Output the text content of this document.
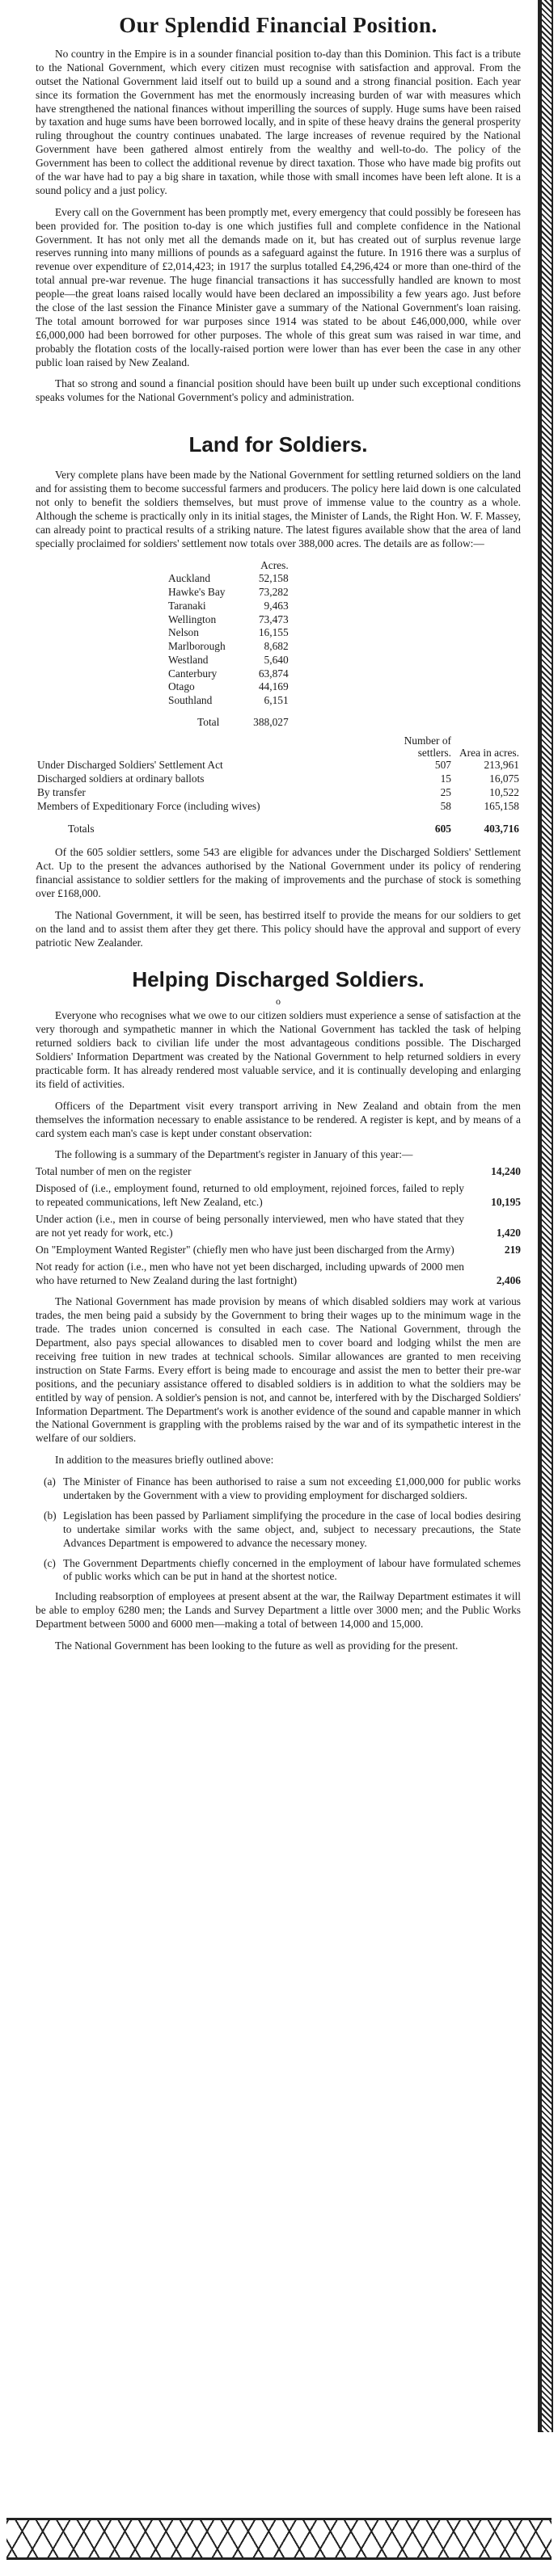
Our Splendid Financial Position.

No country in the Empire is in a sounder financial position to-day than this Dominion. This fact is a tribute to the National Government, which every citizen must recognise with satisfaction and approval. From the outset the National Government laid itself out to build up a sound and a strong financial position. Each year since its formation the Government has met the enormously increasing burden of war with measures which have strengthened the national finances without imperilling the sources of supply. Huge sums have been raised by taxation and huge sums have been borrowed locally, and in spite of these heavy drains the general prosperity ruling throughout the country continues unabated. The large increases of revenue required by the National Government have been gathered almost entirely from the wealthy and well-to-do. The policy of the Government has been to collect the additional revenue by direct taxation. Those who have made big profits out of the war have had to pay a big share in taxation, while those with small incomes have been left alone. It is a sound policy and a just policy.

Every call on the Government has been promptly met, every emergency that could possibly be foreseen has been provided for. The position to-day is one which justifies full and complete confidence in the National Government. It has not only met all the demands made on it, but has created out of surplus revenue large reserves running into many millions of pounds as a safeguard against the future. In 1916 there was a surplus of revenue over expenditure of £2,014,423; in 1917 the surplus totalled £4,296,424 or more than one-third of the total annual pre-war revenue. The huge financial transactions it has successfully handled are known to most people—the great loans raised locally would have been declared an impossibility a few years ago. Just before the close of the last session the Finance Minister gave a summary of the National Government's loan raising. The total amount borrowed for war purposes since 1914 was stated to be about £46,000,000, while over £6,000,000 had been borrowed for other purposes. The whole of this great sum was raised in war time, and probably the flotation costs of the locally-raised portion were lower than has ever been the case in any other public loan raised by New Zealand.

That so strong and sound a financial position should have been built up under such exceptional conditions speaks volumes for the National Government's policy and administration.

Land for Soldiers.

Very complete plans have been made by the National Government for settling returned soldiers on the land and for assisting them to become successful farmers and producers. The policy here laid down is one calculated not only to benefit the soldiers themselves, but must prove of immense value to the country as a whole. Although the scheme is practically only in its initial stages, the Minister of Lands, the Right Hon. W. F. Massey, can already point to practical results of a striking nature. The latest figures available show that the area of land specially proclaimed for soldiers' settlement now totals over 388,000 acres. The details are as follow:—

	Acres.
Auckland	52,158
Hawke's Bay	73,282
Taranaki	9,463
Wellington	73,473
Nelson	16,155
Marlborough	8,682
Westland	5,640
Canterbury	63,874
Otago	44,169
Southland	6,151
Total	388,027
	Number of settlers.	Area in acres.
Under Discharged Soldiers' Settlement Act	507	213,961
Discharged soldiers at ordinary ballots	15	16,075
By transfer	25	10,522
Members of Expeditionary Force (including wives)	58	165,158
Totals	605	403,716

Of the 605 soldier settlers, some 543 are eligible for advances under the Discharged Soldiers' Settlement Act. Up to the present the advances authorised by the National Government under its policy of rendering financial assistance to soldier settlers for the making of improvements and the purchase of stock is something over £168,000.

The National Government, it will be seen, has bestirred itself to provide the means for our soldiers to get on the land and to assist them after they get there. This policy should have the approval and support of every patriotic New Zealander.

Helping Discharged Soldiers.
o

Everyone who recognises what we owe to our citizen soldiers must experience a sense of satisfaction at the very thorough and sympathetic manner in which the National Government has tackled the task of helping returned soldiers back to civilian life under the most advantageous conditions possible. The Discharged Soldiers' Information Department was created by the National Government to help returned soldiers in every practicable form. It has already rendered most valuable service, and it is continually developing and enlarging its field of activities.

Officers of the Department visit every transport arriving in New Zealand and obtain from the men themselves the information necessary to enable assistance to be rendered. A register is kept, and by means of a card system each man's case is kept under constant observation:

The following is a summary of the Department's register in January of this year:—

Total number of men on the register	14,240
Disposed of (i.e., employment found, returned to old employment, rejoined forces, failed to reply to repeated communications, left New Zealand, etc.)	10,195
Under action (i.e., men in course of being personally interviewed, men who have stated that they are not yet ready for work, etc.)	1,420
On "Employment Wanted Register" (chiefly men who have just been discharged from the Army)	219
Not ready for action (i.e., men who have not yet been discharged, including upwards of 2000 men who have returned to New Zealand during the last fortnight)	2,406

The National Government has made provision by means of which disabled soldiers may work at various trades, the men being paid a subsidy by the Government to bring their wages up to the minimum wage in the trade. The trades union concerned is consulted in each case. The National Government, through the Department, also pays special allowances to disabled men to cover board and lodging whilst the men are receiving free tuition in new trades at technical schools. Similar allowances are granted to men receiving instruction on State Farms. Every effort is being made to encourage and assist the men to better their pre-war positions, and the pecuniary assistance offered to disabled soldiers is in addition to what the soldiers may be entitled by way of pension. A soldier's pension is not, and cannot be, interfered with by the Discharged Soldiers' Information Department. The Department's work is another evidence of the sound and capable manner in which the National Government is grappling with the problems raised by the war and of its sympathetic interest in the welfare of our soldiers.

In addition to the measures briefly outlined above:

(a) The Minister of Finance has been authorised to raise a sum not exceeding £1,000,000 for public works undertaken by the Government with a view to providing employment for discharged soldiers.
(b) Legislation has been passed by Parliament simplifying the procedure in the case of local bodies desiring to undertake similar works with the same object, and, subject to necessary precautions, the State Advances Department is empowered to advance the necessary money.
(c) The Government Departments chiefly concerned in the employment of labour have formulated schemes of public works which can be put in hand at the shortest notice.

Including reabsorption of employees at present absent at the war, the Railway Department estimates it will be able to employ 6280 men; the Lands and Survey Department a little over 3000 men; and the Public Works Department between 5000 and 6000 men—making a total of between 14,000 and 15,000.

The National Government has been looking to the future as well as providing for the present.
